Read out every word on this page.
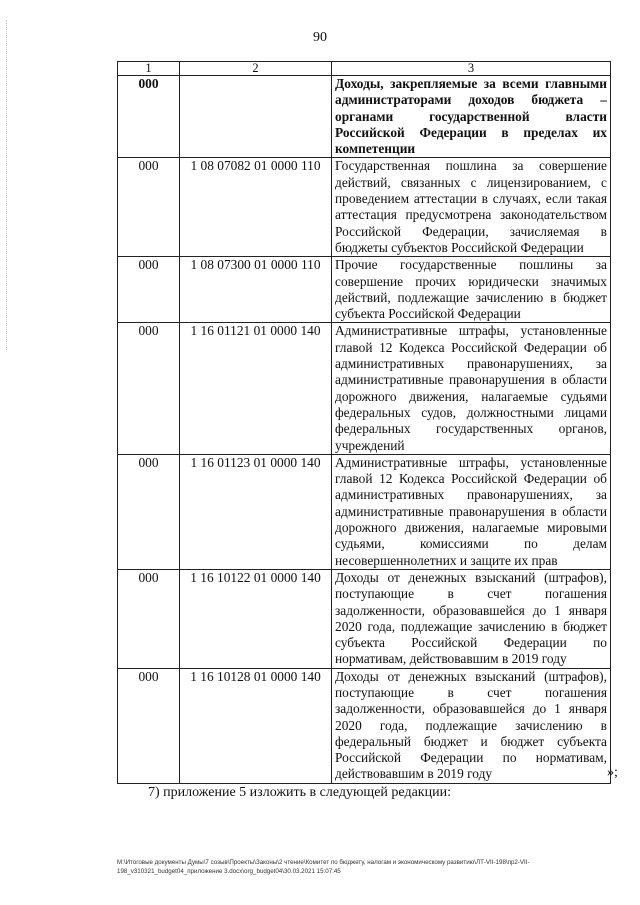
90
1	2	3
000		Доходы, закрепляемые за всеми главными администраторами доходов бюджета – органами государственной власти Российской Федерации в пределах их компетенции
000	1 08 07082 01 0000 110	Государственная пошлина за совершение действий, связанных с лицензированием, с проведением аттестации в случаях, если такая аттестация предусмотрена законодательством Российской Федерации, зачисляемая в бюджеты субъектов Российской Федерации
000	1 08 07300 01 0000 110	Прочие государственные пошлины за совершение прочих юридически значимых действий, подлежащие зачислению в бюджет субъекта Российской Федерации
000	1 16 01121 01 0000 140	Административные штрафы, установленные главой 12 Кодекса Российской Федерации об административных правонарушениях, за административные правонарушения в области дорожного движения, налагаемые судьями федеральных судов, должностными лицами федеральных государственных органов, учреждений
000	1 16 01123 01 0000 140	Административные штрафы, установленные главой 12 Кодекса Российской Федерации об административных правонарушениях, за административные правонарушения в области дорожного движения, налагаемые мировыми судьями, комиссиями по делам несовершеннолетних и защите их прав
000	1 16 10122 01 0000 140	Доходы от денежных взысканий (штрафов), поступающие в счет погашения задолженности, образовавшейся до 1 января 2020 года, подлежащие зачислению в бюджет субъекта Российской Федерации по нормативам, действовавшим в 2019 году
000	1 16 10128 01 0000 140	Доходы от денежных взысканий (штрафов), поступающие в счет погашения задолженности, образовавшейся до 1 января 2020 года, подлежащие зачислению в федеральный бюджет и бюджет субъекта Российской Федерации по нормативам, действовавшим в 2019 году	»;
7) приложение 5 изложить в следующей редакции:
M:\Итоговые документы Думы\7 созыв\Проекты\Законы\2 чтение\Комитет по бюджету, налогам и экономическому развитию\ЛТ-VII-198\пр2-VII-198_v310321_budget04_приложение 3.docx\org_budget04\30.03.2021 15:07:45
